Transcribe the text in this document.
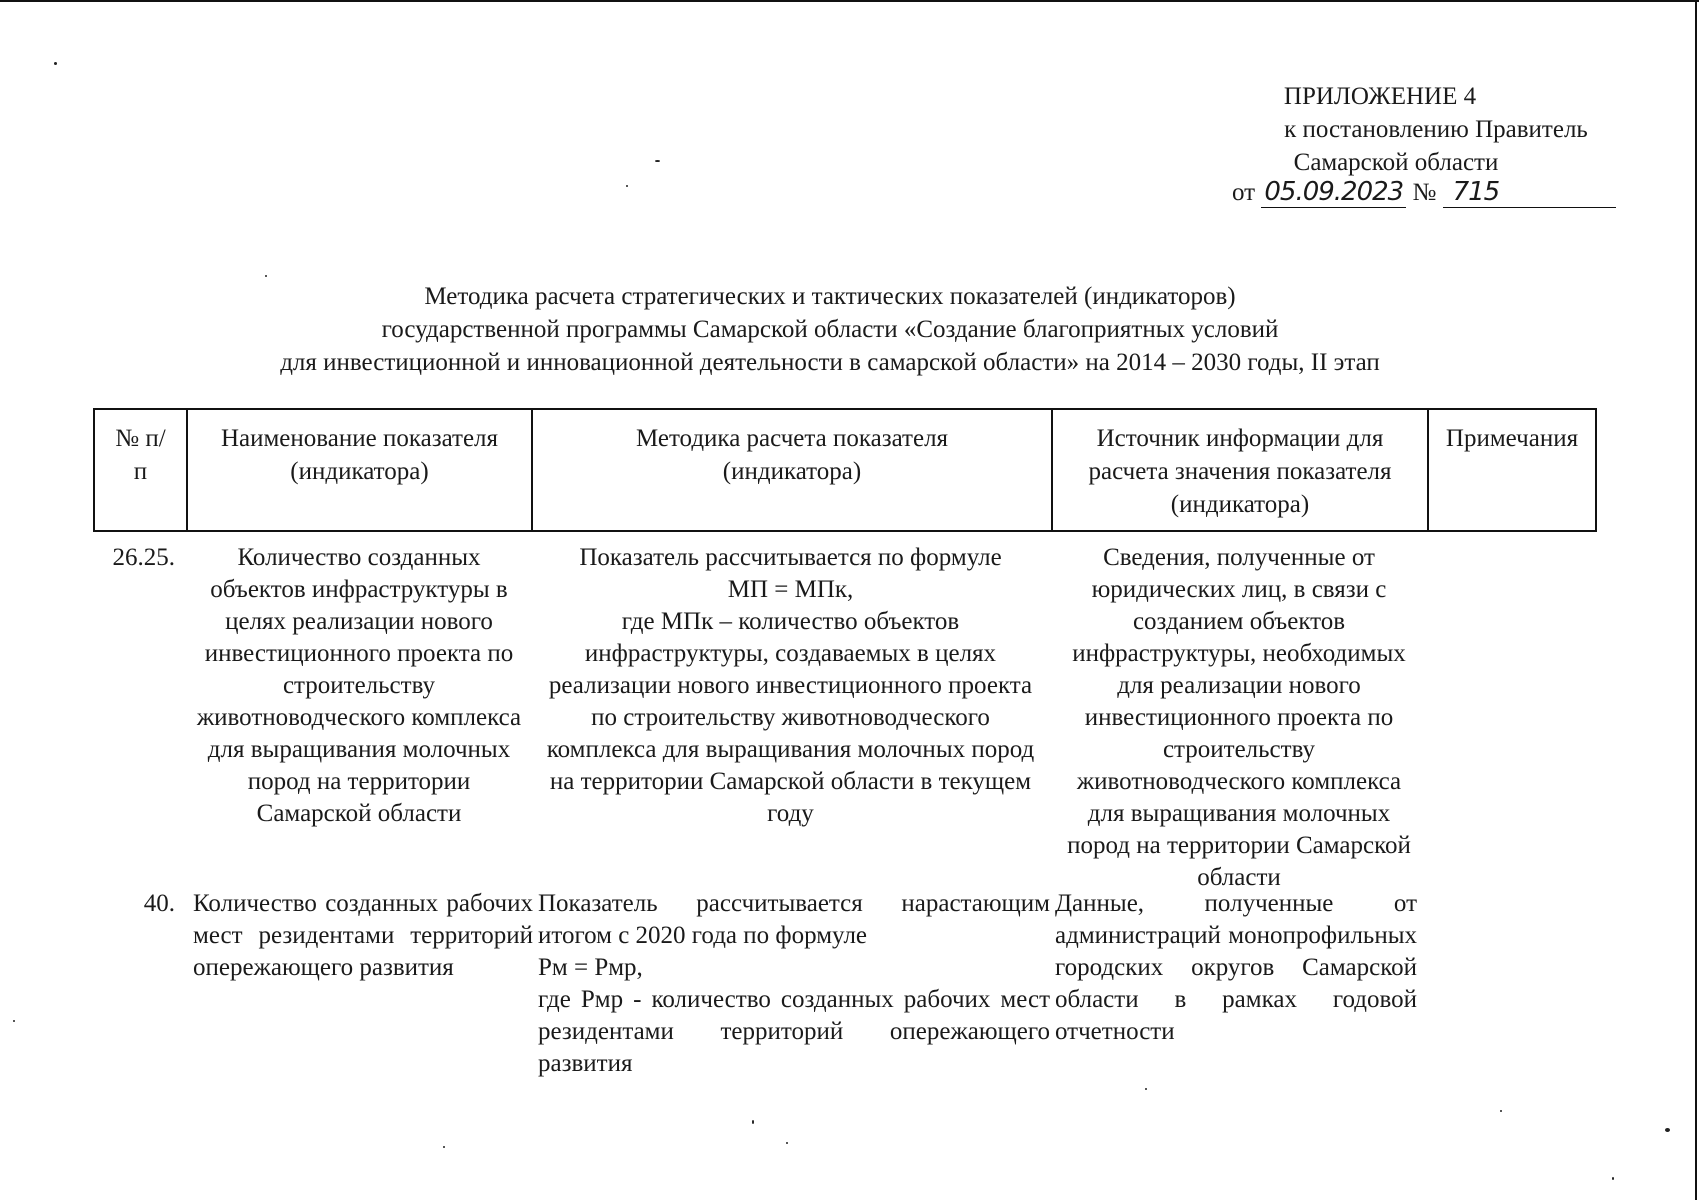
ПРИЛОЖЕНИЕ 4
к постановлению Правитель
Самарской области
от 05.09.2023 № 715
Методика расчета стратегических и тактических показателей (индикаторов)
государственной программы Самарской области «Создание благоприятных условий
для инвестиционной и инновационной деятельности в самарской области» на 2014 – 2030 годы, II этап
№ п/п
Наименование показателя (индикатора)
Методика расчета показателя (индикатора)
Источник информации для расчета значения показателя (индикатора)
Примечания
26.25.	Количество созданных объектов инфраструктуры в целях реализации нового инвестиционного проекта по строительству животноводческого комплекса для выращивания молочных пород на территории Самарской области

Показатель рассчитывается по формуле

МП = МПк,

где МПк – количество объектов инфраструктуры, создаваемых в целях реализации нового инвестиционного проекта по строительству животноводческого комплекса для выращивания молочных пород на территории Самарской области в текущем году

Сведения, полученные от юридических лиц, в связи с созданием объектов инфраструктуры, необходимых для реализации нового инвестиционного проекта по строительству животноводческого комплекса для выращивания молочных пород на территории Самарской области
40. Количество созданных рабочих мест резидентами территорий опережающего развития

Показатель рассчитывается нарастающим итогом с 2020 года по формуле

Рм = Рмр,

где Рмр - количество созданных рабочих мест резидентами территорий опережающего развития

Данные, полученные от администраций монопрофильных городских округов Самарской области в рамках годовой отчетности
